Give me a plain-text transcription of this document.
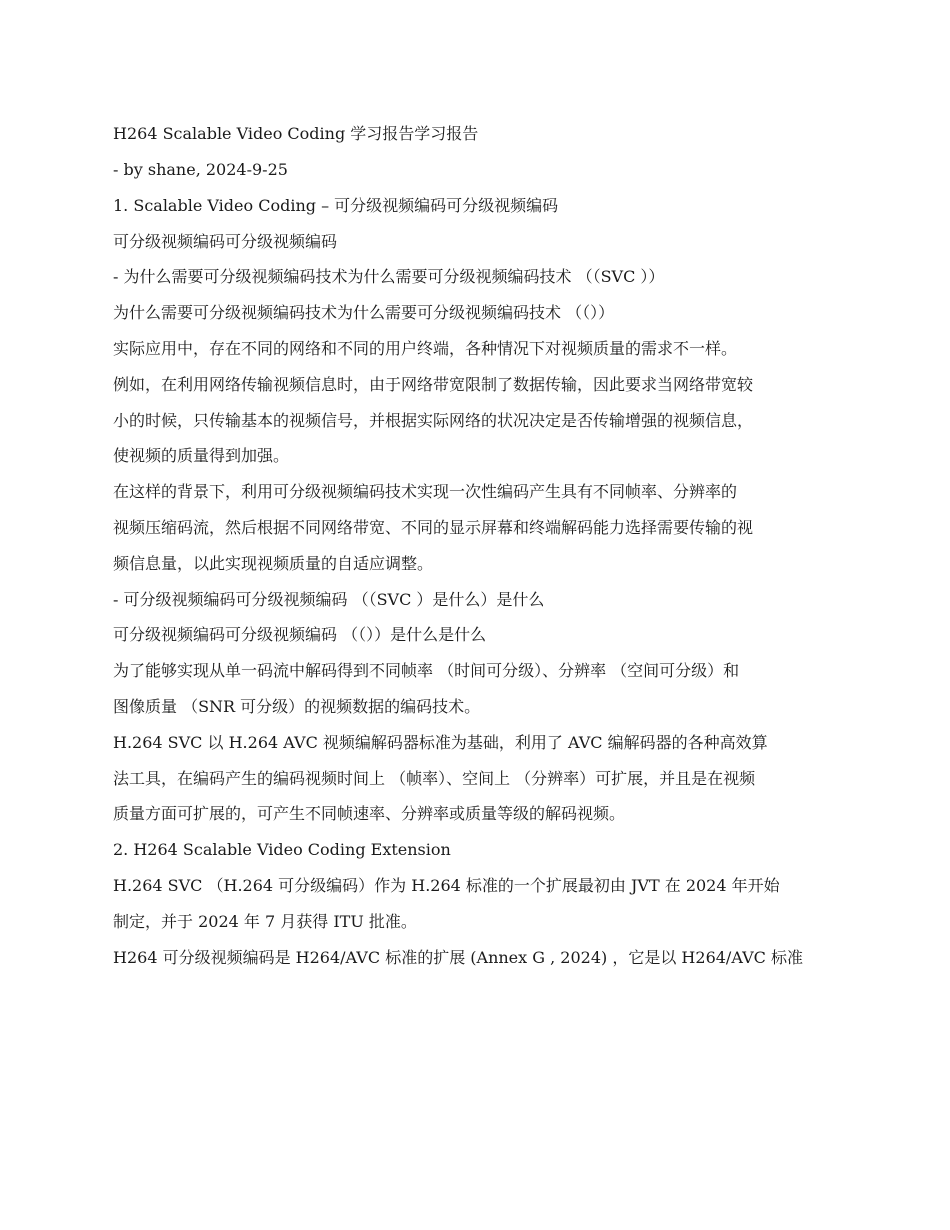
H264 Scalable Video Coding 学习报告学习报告

- by shane, 2024-9-25

1. Scalable Video Coding – 可分级视频编码可分级视频编码

可分级视频编码可分级视频编码

- 为什么需要可分级视频编码技术为什么需要可分级视频编码技术 （（SVC ））

为什么需要可分级视频编码技术为什么需要可分级视频编码技术 （（））

实际应用中，存在不同的网络和不同的用户终端，各种情况下对视频质量的需求不一样。

例如，在利用网络传输视频信息时，由于网络带宽限制了数据传输，因此要求当网络带宽较

小的时候，只传输基本的视频信号，并根据实际网络的状况决定是否传输增强的视频信息，

使视频的质量得到加强。

在这样的背景下，利用可分级视频编码技术实现一次性编码产生具有不同帧率、分辨率的

视频压缩码流，然后根据不同网络带宽、不同的显示屏幕和终端解码能力选择需要传输的视

频信息量，以此实现视频质量的自适应调整。

- 可分级视频编码可分级视频编码 （（SVC ）是什么）是什么

可分级视频编码可分级视频编码 （（））是什么是什么

为了能够实现从单一码流中解码得到不同帧率 （时间可分级）、分辨率 （空间可分级）和

图像质量 （SNR 可分级）的视频数据的编码技术。

H.264 SVC 以 H.264 AVC 视频编解码器标准为基础，利用了 AVC 编解码器的各种高效算

法工具，在编码产生的编码视频时间上 （帧率）、空间上 （分辨率）可扩展，并且是在视频

质量方面可扩展的，可产生不同帧速率、分辨率或质量等级的解码视频。

2. H264 Scalable Video Coding Extension

H.264 SVC （H.264 可分级编码）作为 H.264 标准的一个扩展最初由 JVT 在 2024 年开始

制定，并于 2024 年 7 月获得 ITU 批准。

H264 可分级视频编码是 H264/AVC 标准的扩展 (Annex G , 2024) ，它是以 H264/AVC 标准
